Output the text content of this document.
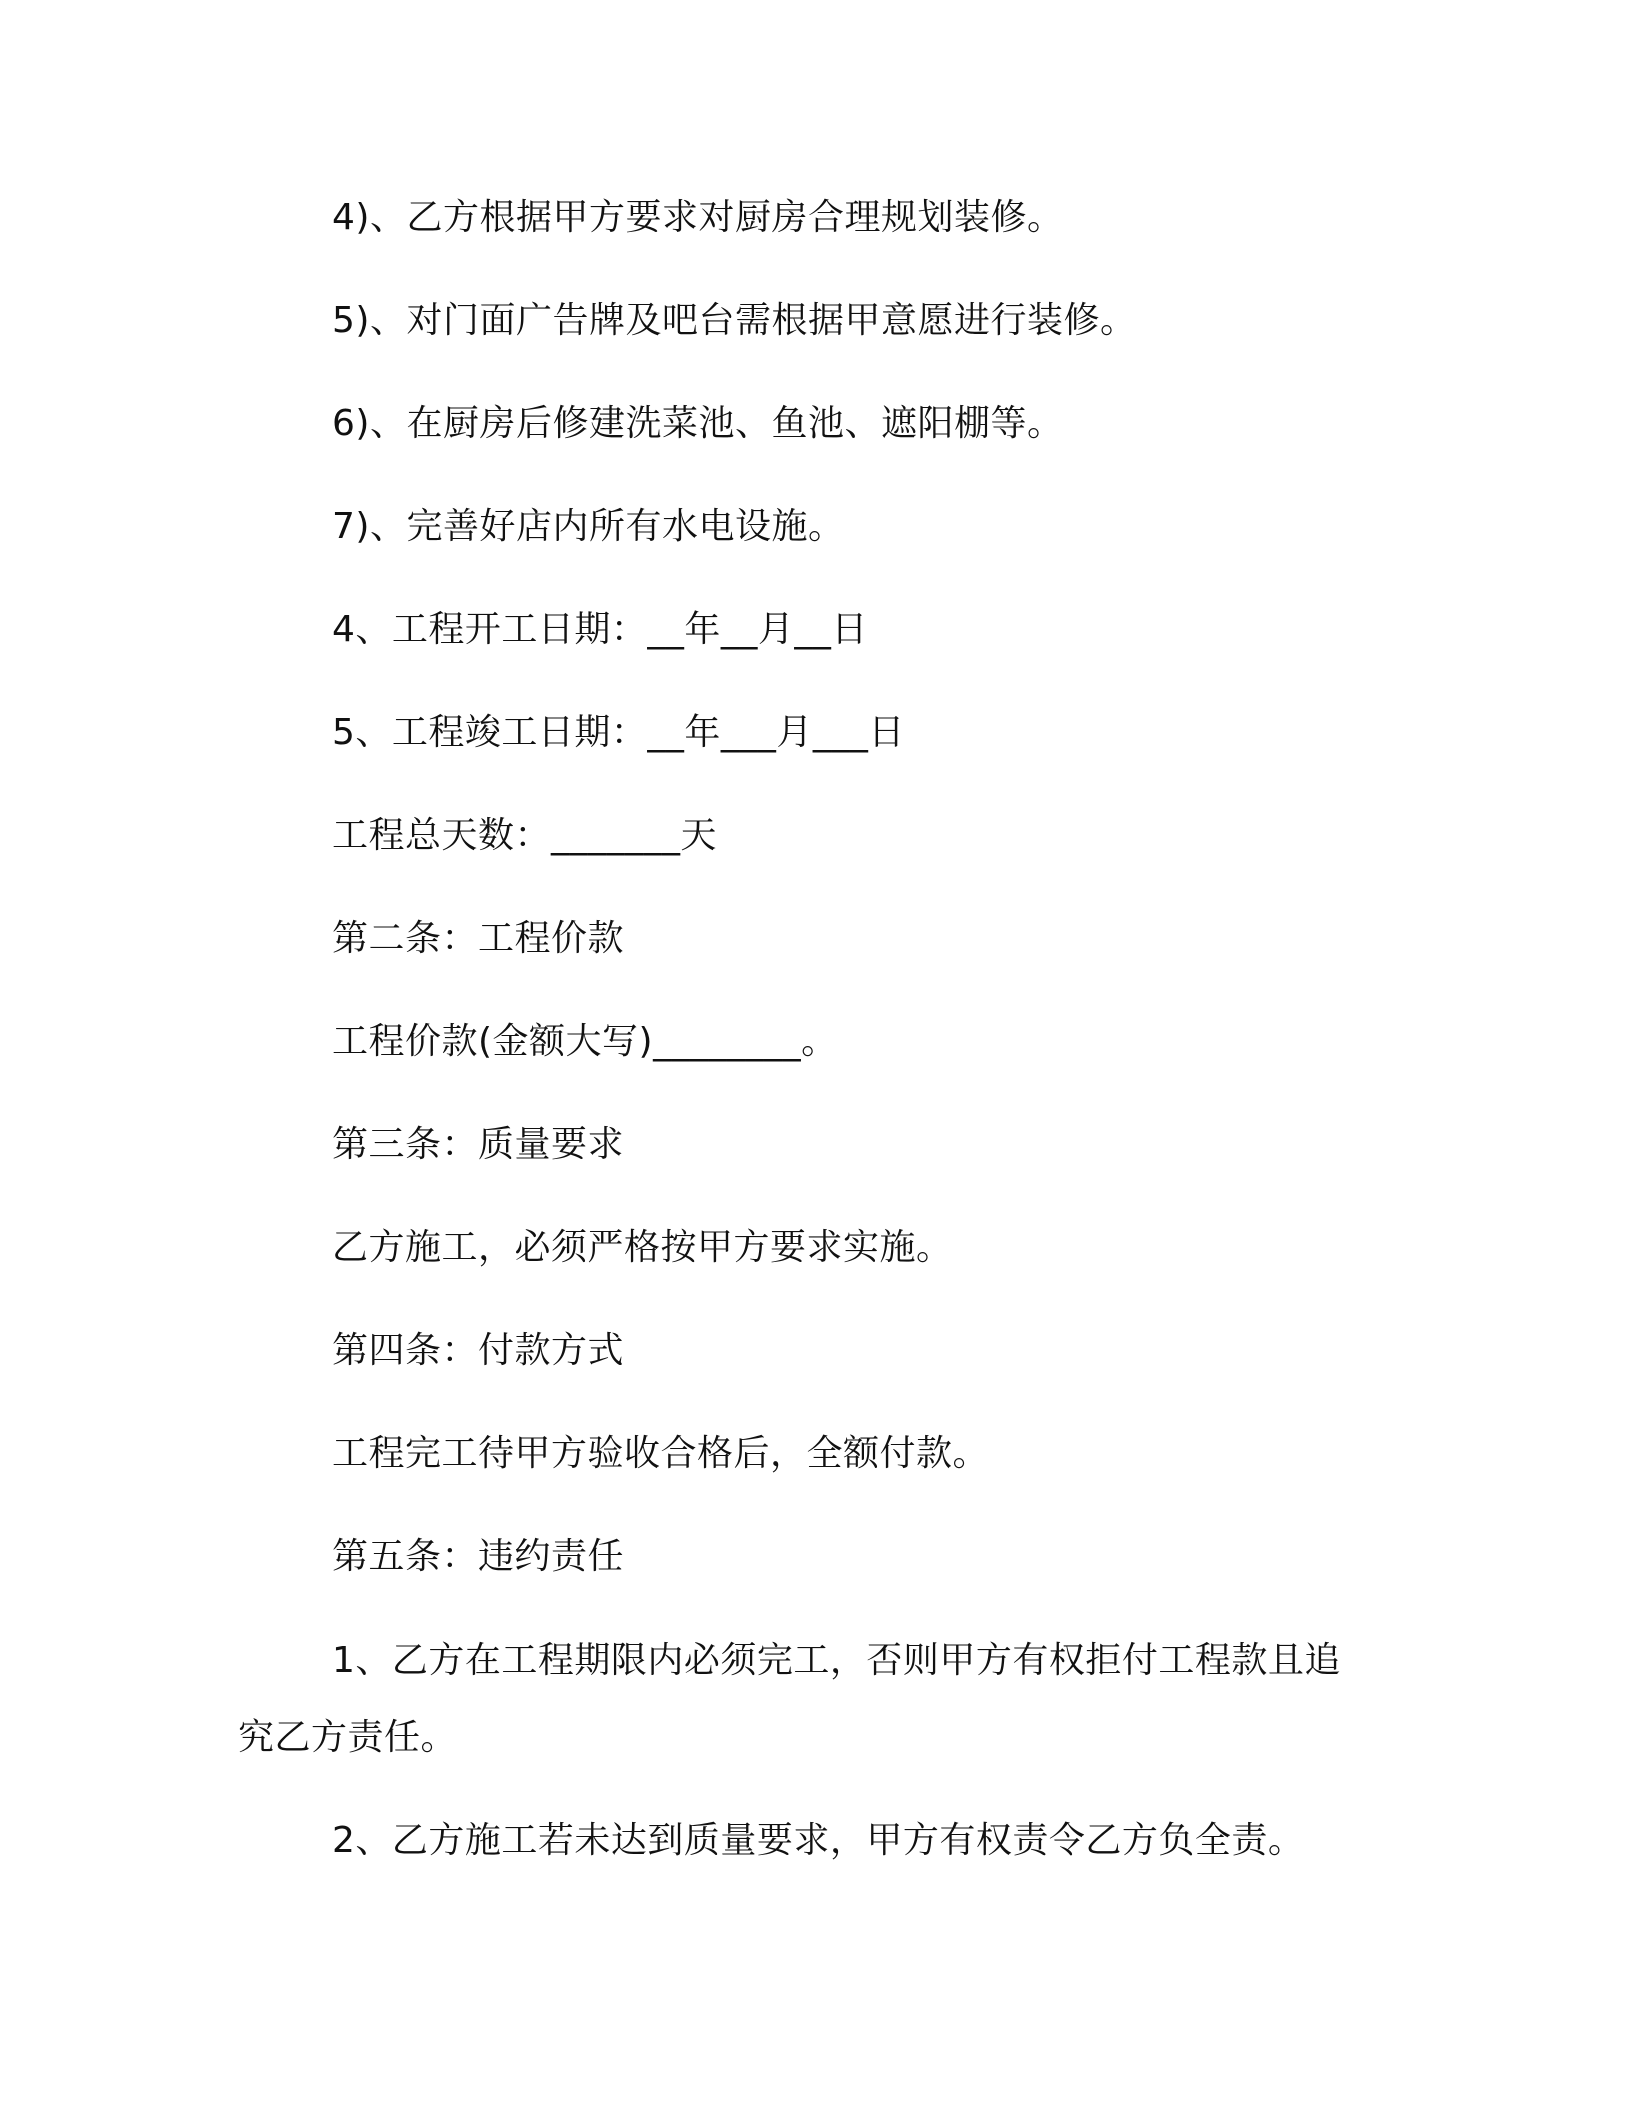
4)、乙方根据甲方要求对厨房合理规划装修。
5)、对门面广告牌及吧台需根据甲意愿进行装修。
6)、在厨房后修建洗菜池、鱼池、遮阳棚等。
7)、完善好店内所有水电设施。
4、工程开工日期：__年__月__日
5、工程竣工日期：__年___月___日
工程总天数：_______天
第二条：工程价款
工程价款(金额大写)________。
第三条：质量要求
乙方施工，必须严格按甲方要求实施。
第四条：付款方式
工程完工待甲方验收合格后，全额付款。
第五条：违约责任
1、乙方在工程期限内必须完工，否则甲方有权拒付工程款且追
究乙方责任。
2、乙方施工若未达到质量要求，甲方有权责令乙方负全责。
